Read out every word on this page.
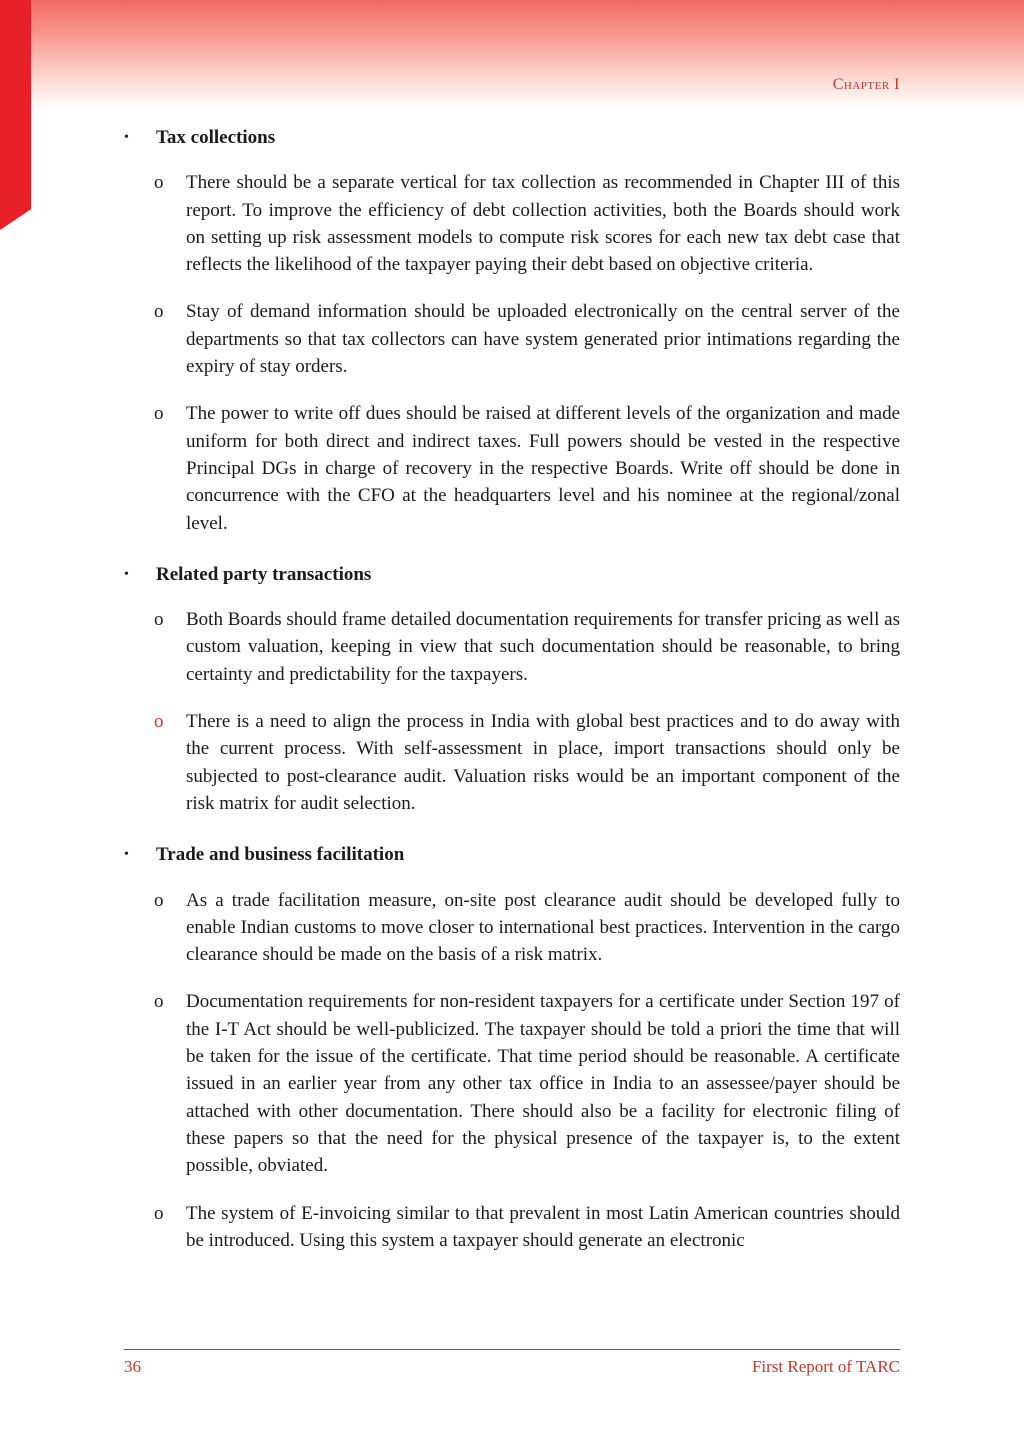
Chapter I
• Tax collections
o There should be a separate vertical for tax collection as recommended in Chapter III of this report. To improve the efficiency of debt collection activities, both the Boards should work on setting up risk assessment models to compute risk scores for each new tax debt case that reflects the likelihood of the taxpayer paying their debt based on objective criteria.
o Stay of demand information should be uploaded electronically on the central server of the departments so that tax collectors can have system generated prior intimations regarding the expiry of stay orders.
o The power to write off dues should be raised at different levels of the organization and made uniform for both direct and indirect taxes. Full powers should be vested in the respective Principal DGs in charge of recovery in the respective Boards. Write off should be done in concurrence with the CFO at the headquarters level and his nominee at the regional/zonal level.
• Related party transactions
o Both Boards should frame detailed documentation requirements for transfer pricing as well as custom valuation, keeping in view that such documentation should be reasonable, to bring certainty and predictability for the taxpayers.
o There is a need to align the process in India with global best practices and to do away with the current process. With self-assessment in place, import transactions should only be subjected to post-clearance audit. Valuation risks would be an important component of the risk matrix for audit selection.
• Trade and business facilitation
o As a trade facilitation measure, on-site post clearance audit should be developed fully to enable Indian customs to move closer to international best practices. Intervention in the cargo clearance should be made on the basis of a risk matrix.
o Documentation requirements for non-resident taxpayers for a certificate under Section 197 of the I-T Act should be well-publicized. The taxpayer should be told a priori the time that will be taken for the issue of the certificate. That time period should be reasonable. A certificate issued in an earlier year from any other tax office in India to an assessee/payer should be attached with other documentation. There should also be a facility for electronic filing of these papers so that the need for the physical presence of the taxpayer is, to the extent possible, obviated.
o The system of E-invoicing similar to that prevalent in most Latin American countries should be introduced. Using this system a taxpayer should generate an electronic
36	First Report of TARC
